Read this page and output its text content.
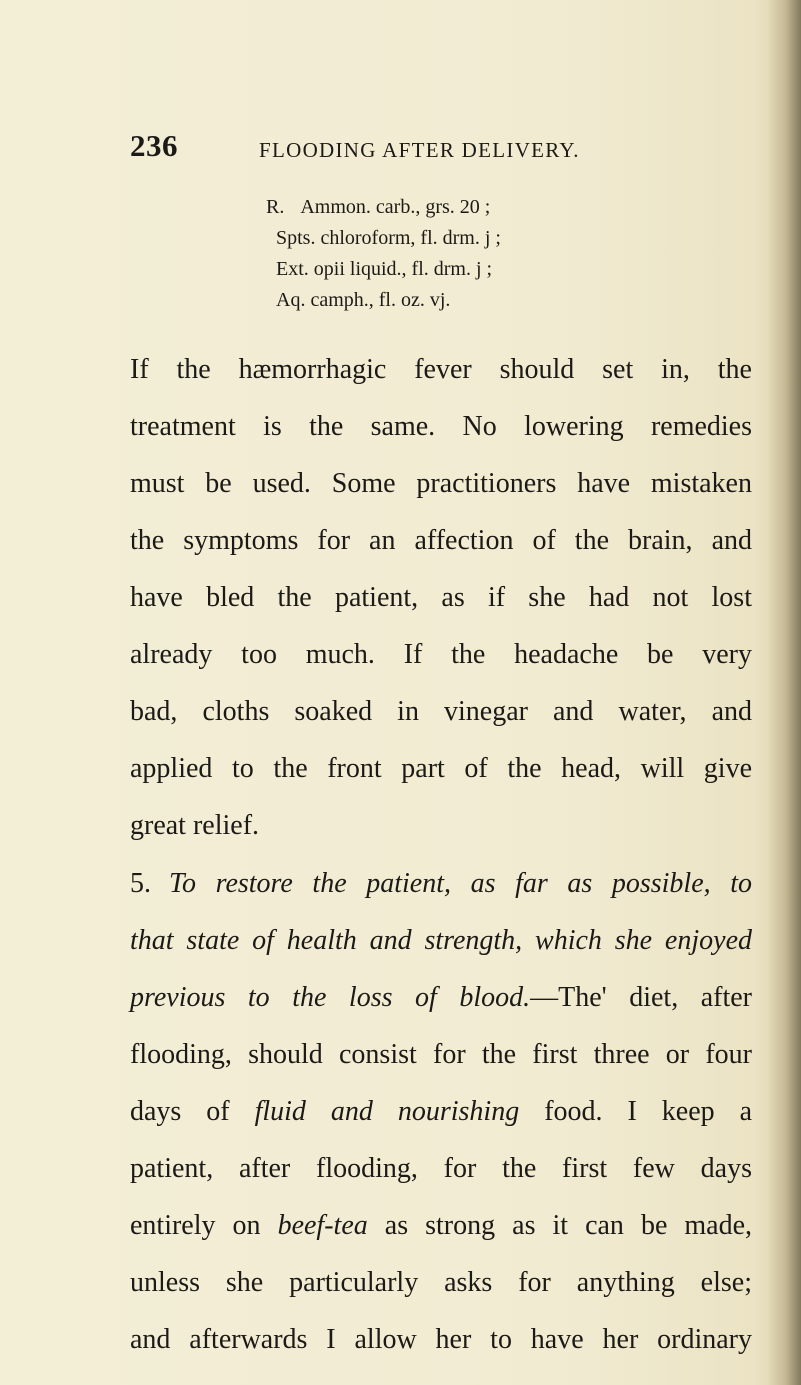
236	FLOODING AFTER DELIVERY.
R. Ammon. carb., grs. 20 ;
Spts. chloroform, fl. drm. j ;
Ext. opii liquid., fl. drm. j ;
Aq. camph., fl. oz. vj.
If the hæmorrhagic fever should set in, the
treatment is the same. No lowering remedies
must be used. Some practitioners have mistaken
the symptoms for an affection of the brain, and
have bled the patient, as if she had not lost
already too much. If the headache be very
bad, cloths soaked in vinegar and water, and
applied to the front part of the head, will give
great relief.
5. To restore the patient, as far as possible, to
that state of health and strength, which she enjoyed
previous to the loss of blood.—The' diet, after
flooding, should consist for the first three or four
days of fluid and nourishing food. I keep a
patient, after flooding, for the first few days
entirely on beef-tea as strong as it can be made,
unless she particularly asks for anything else;
and afterwards I allow her to have her ordinary
